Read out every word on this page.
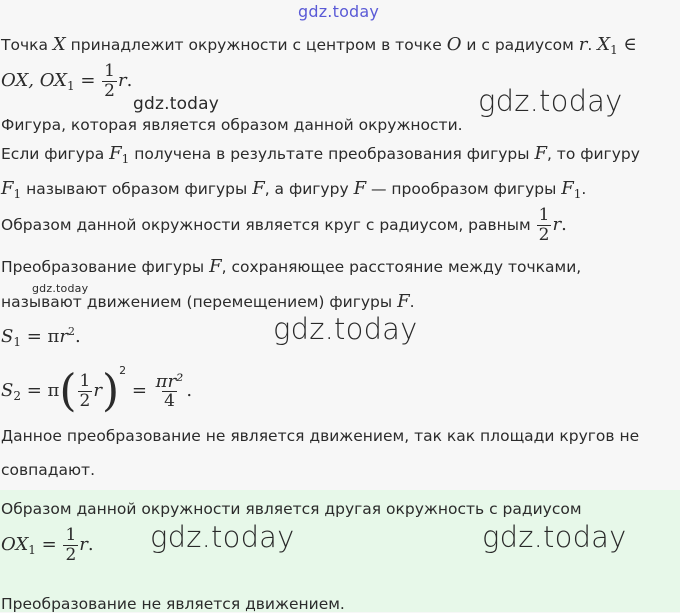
gdz.today
Точка X принадлежит окружности с центром в точке O и с радиусом r. $X_1$ ∈
OX, $OX_1 = \frac{1}{2} r$.
gdz.today	gdz.today
Фигура, которая является образом данной окружности.
Если фигура $F_1$ получена в результате преобразования фигуры F, то фигуру
$F_1$ называют образом фигуры F, а фигуру F — прообразом фигуры $F_1$.
Образом данной окружности является круг с радиусом, равным $\frac{1}{2} r$.
Преобразование фигуры F, сохраняющее расстояние между точками,
gdz.today
называют движением (перемещением) фигуры F.
$S_1 = \pi r^2$.	gdz.today
$S_2 = \pi( \frac{1}{2} r)^2 = \frac{\text{πr²}}{4}$ .
Данное преобразование не является движением, так как площади кругов не
совпадают.
Образом данной окружности является другая окружность с радиусом
$OX_1 = \frac{1}{2} r$. gdz.today	gdz.today
Преобразование не является движением.
